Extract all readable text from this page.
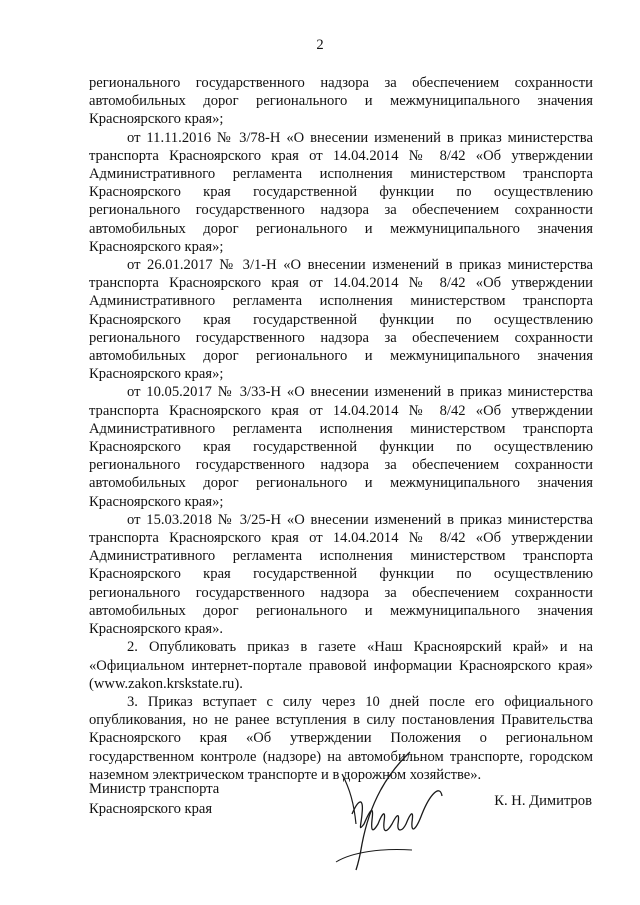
2

регионального государственного надзора за обеспечением сохранности автомобильных дорог регионального и межмуниципального значения Красноярского края»;

от 11.11.2016 № 3/78-Н «О внесении изменений в приказ министерства транспорта Красноярского края от 14.04.2014 № 8/42 «Об утверждении Административного регламента исполнения министерством транспорта Красноярского края государственной функции по осуществлению регионального государственного надзора за обеспечением сохранности автомобильных дорог регионального и межмуниципального значения Красноярского края»;

от 26.01.2017 № 3/1-Н «О внесении изменений в приказ министерства транспорта Красноярского края от 14.04.2014 № 8/42 «Об утверждении Административного регламента исполнения министерством транспорта Красноярского края государственной функции по осуществлению регионального государственного надзора за обеспечением сохранности автомобильных дорог регионального и межмуниципального значения Красноярского края»;

от 10.05.2017 № 3/33-Н «О внесении изменений в приказ министерства транспорта Красноярского края от 14.04.2014 № 8/42 «Об утверждении Административного регламента исполнения министерством транспорта Красноярского края государственной функции по осуществлению регионального государственного надзора за обеспечением сохранности автомобильных дорог регионального и межмуниципального значения Красноярского края»;

от 15.03.2018 № 3/25-Н «О внесении изменений в приказ министерства транспорта Красноярского края от 14.04.2014 № 8/42 «Об утверждении Административного регламента исполнения министерством транспорта Красноярского края государственной функции по осуществлению регионального государственного надзора за обеспечением сохранности автомобильных дорог регионального и межмуниципального значения Красноярского края».

2. Опубликовать приказ в газете «Наш Красноярский край» и на «Официальном интернет-портале правовой информации Красноярского края» (www.zakon.krskstate.ru).

3. Приказ вступает с силу через 10 дней после его официального опубликования, но не ранее вступления в силу постановления Правительства Красноярского края «Об утверждении Положения о региональном государственном контроле (надзоре) на автомобильном транспорте, городском наземном электрическом транспорте и в дорожном хозяйстве».

Министр транспорта
Красноярского края	К. Н. Димитров
